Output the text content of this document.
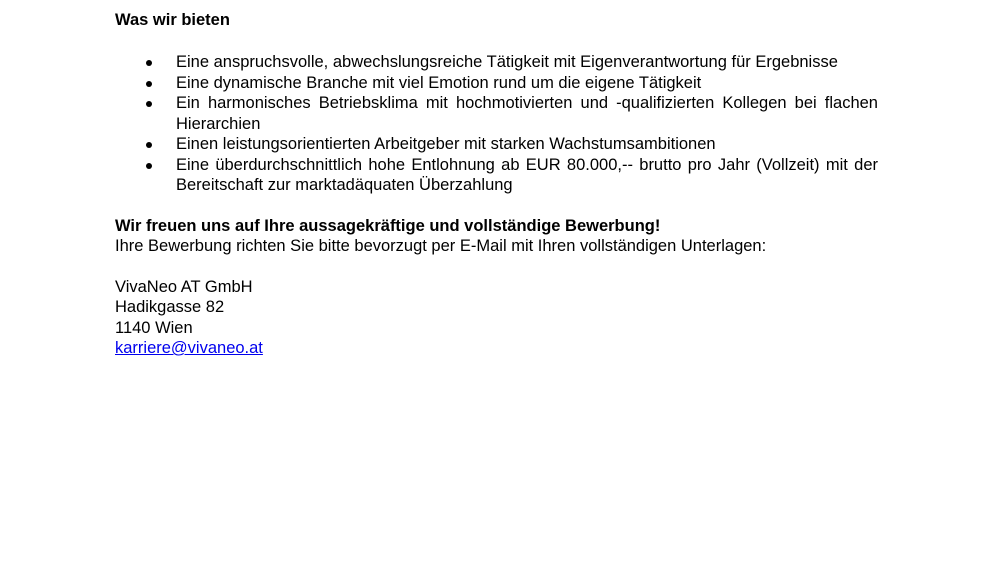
Was wir bieten
Eine anspruchsvolle, abwechslungsreiche Tätigkeit mit Eigenverantwortung für Ergebnisse
Eine dynamische Branche mit viel Emotion rund um die eigene Tätigkeit
Ein harmonisches Betriebsklima mit hochmotivierten und -qualifizierten Kollegen bei flachen Hierarchien
Einen leistungsorientierten Arbeitgeber mit starken Wachstumsambitionen
Eine überdurchschnittlich hohe Entlohnung ab EUR 80.000,-- brutto pro Jahr (Vollzeit) mit der Bereitschaft zur marktadäquaten Überzahlung
Wir freuen uns auf Ihre aussagekräftige und vollständige Bewerbung!
Ihre Bewerbung richten Sie bitte bevorzugt per E-Mail mit Ihren vollständigen Unterlagen:
VivaNeo AT GmbH
Hadikgasse 82
1140 Wien
karriere@vivaneo.at
